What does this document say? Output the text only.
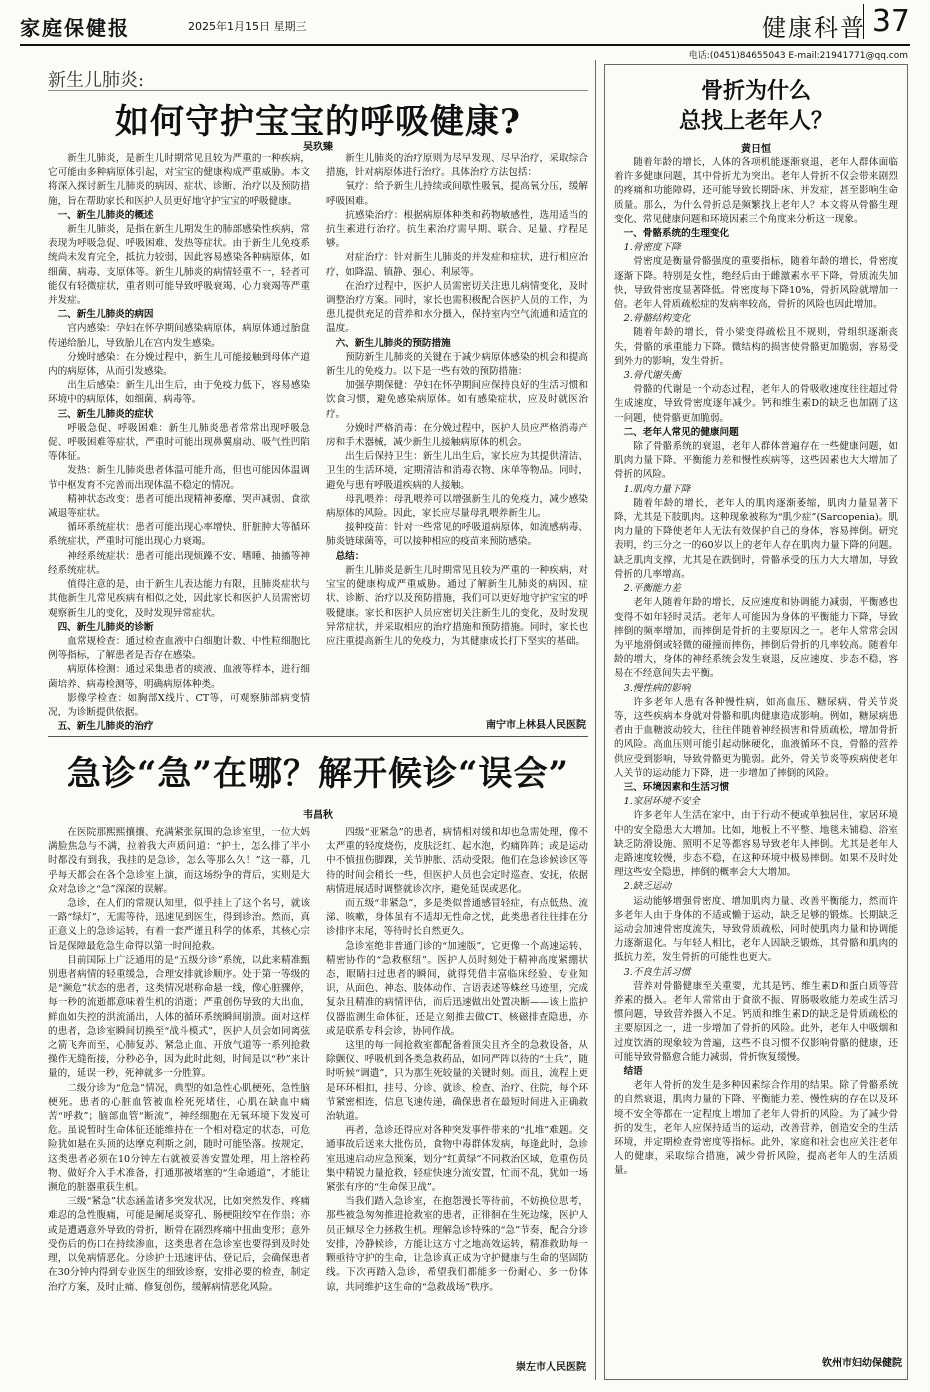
家庭保健报	2025年1月15日 星期三	健康科普 37
电话:(0451)84655043 E-mail:21941771@qq.com
新生儿肺炎:
如何守护宝宝的呼吸健康?
吴玖臻

新生儿肺炎，是新生儿时期常见且较为严重的一种疾病，它可能由多种病原体引起，对宝宝的健康构成严重威胁。本文将深入探讨新生儿肺炎的病因、症状、诊断、治疗以及预防措施，旨在帮助家长和医护人员更好地守护宝宝的呼吸健康。

一、新生儿肺炎的概述

新生儿肺炎，是指在新生儿期发生的肺部感染性疾病，常表现为呼吸急促、呼吸困难、发热等症状。由于新生儿免疫系统尚未发育完全，抵抗力较弱，因此容易感染各种病原体，如细菌、病毒、支原体等。新生儿肺炎的病情轻重不一，轻者可能仅有轻微症状，重者则可能导致呼吸衰竭、心力衰竭等严重并发症。

二、新生儿肺炎的病因

宫内感染：孕妇在怀孕期间感染病原体，病原体通过胎盘传递给胎儿，导致胎儿在宫内发生感染。

分娩时感染：在分娩过程中，新生儿可能接触到母体产道内的病原体，从而引发感染。

出生后感染：新生儿出生后，由于免疫力低下，容易感染环境中的病原体，如细菌、病毒等。

三、新生儿肺炎的症状

呼吸急促、呼吸困难：新生儿肺炎患者常常出现呼吸急促、呼吸困难等症状，严重时可能出现鼻翼扇动、吸气性凹陷等体征。

发热：新生儿肺炎患者体温可能升高，但也可能因体温调节中枢发育不完善而出现体温不稳定的情况。

精神状态改变：患者可能出现精神萎靡、哭声减弱、食欲减退等症状。

循环系统症状：患者可能出现心率增快、肝脏肿大等循环系统症状，严重时可能出现心力衰竭。

神经系统症状：患者可能出现烦躁不安、嗜睡、抽搐等神经系统症状。

值得注意的是，由于新生儿表达能力有限，且肺炎症状与其他新生儿常见疾病有相似之处，因此家长和医护人员需密切观察新生儿的变化，及时发现异常症状。

四、新生儿肺炎的诊断

血常规检查：通过检查血液中白细胞计数、中性粒细胞比例等指标，了解患者是否存在感染。

病原体检测：通过采集患者的痰液、血液等样本，进行细菌培养、病毒检测等，明确病原体种类。

影像学检查：如胸部X线片、CT等，可观察肺部病变情况，为诊断提供依据。

五、新生儿肺炎的治疗

新生儿肺炎的治疗原则为尽早发现、尽早治疗，采取综合措施，针对病原体进行治疗。具体治疗方法包括：

氧疗：给予新生儿持续或间歇性吸氧，提高氧分压，缓解呼吸困难。

抗感染治疗：根据病原体种类和药物敏感性，选用适当的抗生素进行治疗。抗生素治疗需早期、联合、足量、疗程足够。

对症治疗：针对新生儿肺炎的并发症和症状，进行相应治疗，如降温、镇静、强心、利尿等。

在治疗过程中，医护人员需密切关注患儿病情变化，及时调整治疗方案。同时，家长也需积极配合医护人员的工作，为患儿提供充足的营养和水分摄入，保持室内空气流通和适宜的温度。

六、新生儿肺炎的预防措施

预防新生儿肺炎的关键在于减少病原体感染的机会和提高新生儿的免疫力。以下是一些有效的预防措施：

加强孕期保健：孕妇在怀孕期间应保持良好的生活习惯和饮食习惯，避免感染病原体。如有感染症状，应及时就医治疗。

分娩时严格消毒：在分娩过程中，医护人员应严格消毒产房和手术器械，减少新生儿接触病原体的机会。

出生后保持卫生：新生儿出生后，家长应为其提供清洁、卫生的生活环境，定期清洁和消毒衣物、床单等物品。同时，避免与患有呼吸道疾病的人接触。

母乳喂养：母乳喂养可以增强新生儿的免疫力，减少感染病原体的风险。因此，家长应尽量母乳喂养新生儿。

接种疫苗：针对一些常见的呼吸道病原体，如流感病毒、肺炎链球菌等，可以接种相应的疫苗来预防感染。

总结：

新生儿肺炎是新生儿时期常见且较为严重的一种疾病，对宝宝的健康构成严重威胁。通过了解新生儿肺炎的病因、症状、诊断、治疗以及预防措施，我们可以更好地守护宝宝的呼吸健康。家长和医护人员应密切关注新生儿的变化，及时发现异常症状，并采取相应的治疗措施和预防措施。同时，家长也应注重提高新生儿的免疫力，为其健康成长打下坚实的基础。

南宁市上林县人民医院
急诊“急”在哪？解开候诊“误会”
韦昌秋

在医院那熙熙攘攘、充满紧张氛围的急诊室里，一位大妈满脸焦急与不满，拉着我大声质问道：“护士，怎么排了半小时都没有到我，我挂的是急诊，怎么等那么久！”这一幕，几乎每天都会在各个急诊室上演，而这场纷争的背后，实则是大众对急诊之“急”深深的误解。

急诊，在人们的常规认知里，似乎挂上了这个名号，就该一路“绿灯”，无需等待，迅速见到医生，得到诊治。然而，真正意义上的急诊运转，有着一套严谨且科学的体系，其核心宗旨是保障最危急生命得以第一时间抢救。

目前国际上广泛通用的是“五级分诊”系统，以此来精准甄别患者病情的轻重缓急，合理安排就诊顺序。处于第一等级的是“濒危”状态的患者，这类情况堪称命悬一线，像心脏骤停，每一秒的流逝都意味着生机的消逝；严重创伤导致的大出血，鲜血如失控的洪流涌出，人体的循环系统瞬间崩溃。面对这样的患者，急诊室瞬间切换至“战斗模式”，医护人员会如同离弦之箭飞奔而至，心肺复苏、紧急止血、开放气道等一系列抢救操作无缝衔接，分秒必争，因为此时此刻，时间是以“秒”来计量的，延误一秒，死神就多一分胜算。

二级分诊为“危急”情况，典型的如急性心肌梗死、急性脑梗死。患者的心脏血管被血栓死死堵住，心肌在缺血中痛苦“呼救”；脑部血管“断流”，神经细胞在无氧环境下发岌可危。虽说暂时生命体征还能维持在一个相对稳定的状态，可危险犹如悬在头顶的达摩克利斯之剑，随时可能坠落。按规定，这类患者必须在10分钟左右就被妥善安置处理，用上溶栓药物、做好介入手术准备，打通那被堵塞的“生命通道”，才能让濒危的脏器重获生机。

三级“紧急”状态涵盖诸多突发状况，比如突然发作、疼痛难忍的急性腹痛，可能是阑尾炎穿孔、肠梗阻绞窄在作祟；亦或是遭遇意外导致的骨折，断骨在剧烈疼痛中扭曲变形；意外受伤后的伤口在持续渗血，这类患者在急诊室也要得到及时处理，以免病情恶化。分诊护士迅速评估、登记后，会确保患者在30分钟内得到专业医生的细致诊察，安排必要的检查，制定治疗方案，及时止痛、修复创伤，缓解病情恶化风险。

四级“亚紧急”的患者，病情相对缓和却也急需处理，像不太严重的轻度烧伤，皮肤泛红、起水泡，灼痛阵阵；或是运动中不慎扭伤脚踝，关节肿胀、活动受限。他们在急诊候诊区等待的时间会稍长一些，但医护人员也会定时巡查、安抚，依据病情进展适时调整就诊次序，避免延误或恶化。

而五级“非紧急”，多是类似普通感冒轻症，有点低热、流涕、咳嗽，身体虽有不适却无性命之忧，此类患者往往排在分诊排序末尾，等待时长自然更久。

急诊室绝非普通门诊的“加速版”，它更像一个高速运转、精密协作的“急救枢纽”。医护人员时刻处于精神高度紧绷状态，眼睛扫过患者的瞬间，就得凭借丰富临床经验、专业知识，从面色、神态、肢体动作、言语表述等蛛丝马迹里，完成复杂且精准的病情评估，而后迅速做出处置决断——该上监护仪器监测生命体征，还是立刻推去做CT、核磁排查隐患，亦或是联系专科会诊，协同作战。

这里的每一间抢救室都配备着顶尖且齐全的急救设备，从除颤仪、呼吸机到各类急救药品，如同严阵以待的“士兵”，随时听候“调遣”，只为那生死较量的关键时刻。而且，流程上更是环环相扣，挂号、分诊、就诊、检查、治疗、住院，每个环节紧密相连，信息飞速传递，确保患者在最短时间进入正确救治轨道。

再者，急诊还得应对各种突发事件带来的“扎堆”难题。交通事故后送来大批伤员，食物中毒群体发病，每逢此时，急诊室迅速启动应急预案，划分“红黄绿”不同救治区域，危重伤员集中精锐力量抢救，轻症快速分流安置，忙而不乱，犹如一场紧张有序的“生命保卫战”。

当我们踏入急诊室，在抱怨漫长等待前，不妨换位思考，那些被急匆匆推进抢救室的患者，正徘徊在生死边缘，医护人员正倾尽全力拯救生机。理解急诊特殊的“急”节奏，配合分诊安排，冷静候诊，方能让这方寸之地高效运转，精准救助每一颗亟待守护的生命，让急诊真正成为守护健康与生命的坚固防线。下次再踏入急诊，希望我们都能多一份耐心、多一份体谅，共同维护这生命的“急救战场”秩序。

崇左市人民医院
骨折为什么
总找上老年人？
黄日恒

随着年龄的增长，人体的各项机能逐渐衰退，老年人群体面临着许多健康问题，其中骨折尤为突出。老年人骨折不仅会带来剧烈的疼痛和功能障碍，还可能导致长期卧床、并发症，甚至影响生命质量。那么，为什么骨折总是频繁找上老年人？本文将从骨骼生理变化、常见健康问题和环境因素三个角度来分析这一现象。

一、骨骼系统的生理变化

1.骨密度下降

骨密度是衡量骨骼强度的重要指标，随着年龄的增长，骨密度逐渐下降。特别是女性，绝经后由于雌激素水平下降，骨质流失加快，导致骨密度显著降低。骨密度每下降10%，骨折风险就增加一倍。老年人骨质疏松症的发病率较高，骨折的风险也因此增加。

2.骨骼结构变化

随着年龄的增长，骨小梁变得疏松且不规则，骨组织逐渐丧失，骨骼的承重能力下降。微结构的损害使骨骼更加脆弱，容易受到外力的影响，发生骨折。

3.骨代谢失衡

骨骼的代谢是一个动态过程，老年人的骨吸收速度往往超过骨生成速度，导致骨密度逐年减少。钙和维生素D的缺乏也加剧了这一问题，使骨骼更加脆弱。

二、老年人常见的健康问题

除了骨骼系统的衰退，老年人群体普遍存在一些健康问题，如肌肉力量下降、平衡能力差和慢性疾病等，这些因素也大大增加了骨折的风险。

1.肌肉力量下降

随着年龄的增长，老年人的肌肉逐渐萎缩，肌肉力量显著下降，尤其是下肢肌肉。这种现象被称为“肌少症”(Sarcopenia)。肌肉力量的下降使老年人无法有效保护自己的身体，容易摔倒。研究表明，约三分之一的60岁以上的老年人存在肌肉力量下降的问题。缺乏肌肉支撑，尤其是在跌倒时，骨骼承受的压力大大增加，导致骨折的几率增高。

2.平衡能力差

老年人随着年龄的增长，反应速度和协调能力减弱，平衡感也变得不如年轻时灵活。老年人可能因为身体的平衡能力下降，导致摔倒的频率增加，而摔倒是骨折的主要原因之一。老年人常常会因为平地滑倒或轻微的碰撞而摔伤，摔倒后骨折的几率较高。随着年龄的增大，身体的神经系统会发生衰退，反应速度、步态不稳，容易在不经意间失去平衡。

3.慢性病的影响

许多老年人患有各种慢性病，如高血压、糖尿病、骨关节炎等，这些疾病本身就对骨骼和肌肉健康造成影响。例如，糖尿病患者由于血糖波动较大，往往伴随着神经损害和骨质疏松，增加骨折的风险。高血压则可能引起动脉硬化，血液循环不良，骨骼的营养供应受到影响，导致骨骼更为脆弱。此外，骨关节炎等疾病使老年人关节的运动能力下降，进一步增加了摔倒的风险。

三、环境因素和生活习惯

1.家居环境不安全

许多老年人生活在家中，由于行动不便或单独居住，家居环境中的安全隐患大大增加。比如，地板上不平整、地毯未铺稳、浴室缺乏防滑设施、照明不足等都容易导致老年人摔倒。尤其是老年人走路速度较慢，步态不稳，在这种环境中极易摔倒。如果不及时处理这些安全隐患，摔倒的概率会大大增加。

2.缺乏运动

运动能够增强骨密度、增加肌肉力量、改善平衡能力，然而许多老年人由于身体的不适或懒于运动，缺乏足够的锻炼。长期缺乏运动会加速骨密度流失，导致骨质疏松，同时使肌肉力量和协调能力逐渐退化。与年轻人相比，老年人因缺乏锻炼，其骨骼和肌肉的抵抗力差，发生骨折的可能性也更大。

3.不良生活习惯

营养对骨骼健康至关重要，尤其是钙、维生素D和蛋白质等营养素的摄入。老年人常常由于食欲不振、胃肠吸收能力差或生活习惯问题，导致营养摄入不足。钙质和维生素D的缺乏是骨质疏松的主要原因之一，进一步增加了骨折的风险。此外，老年人中吸烟和过度饮酒的现象较为普遍，这些不良习惯不仅影响骨骼的健康，还可能导致骨骼愈合能力减弱，骨折恢复缓慢。

结语

老年人骨折的发生是多种因素综合作用的结果。除了骨骼系统的自然衰退，肌肉力量的下降、平衡能力差、慢性病的存在以及环境不安全等都在一定程度上增加了老年人骨折的风险。为了减少骨折的发生，老年人应保持适当的运动，改善营养，创造安全的生活环境，并定期检查骨密度等指标。此外，家庭和社会也应关注老年人的健康，采取综合措施，减少骨折风险，提高老年人的生活质量。

钦州市妇幼保健院
